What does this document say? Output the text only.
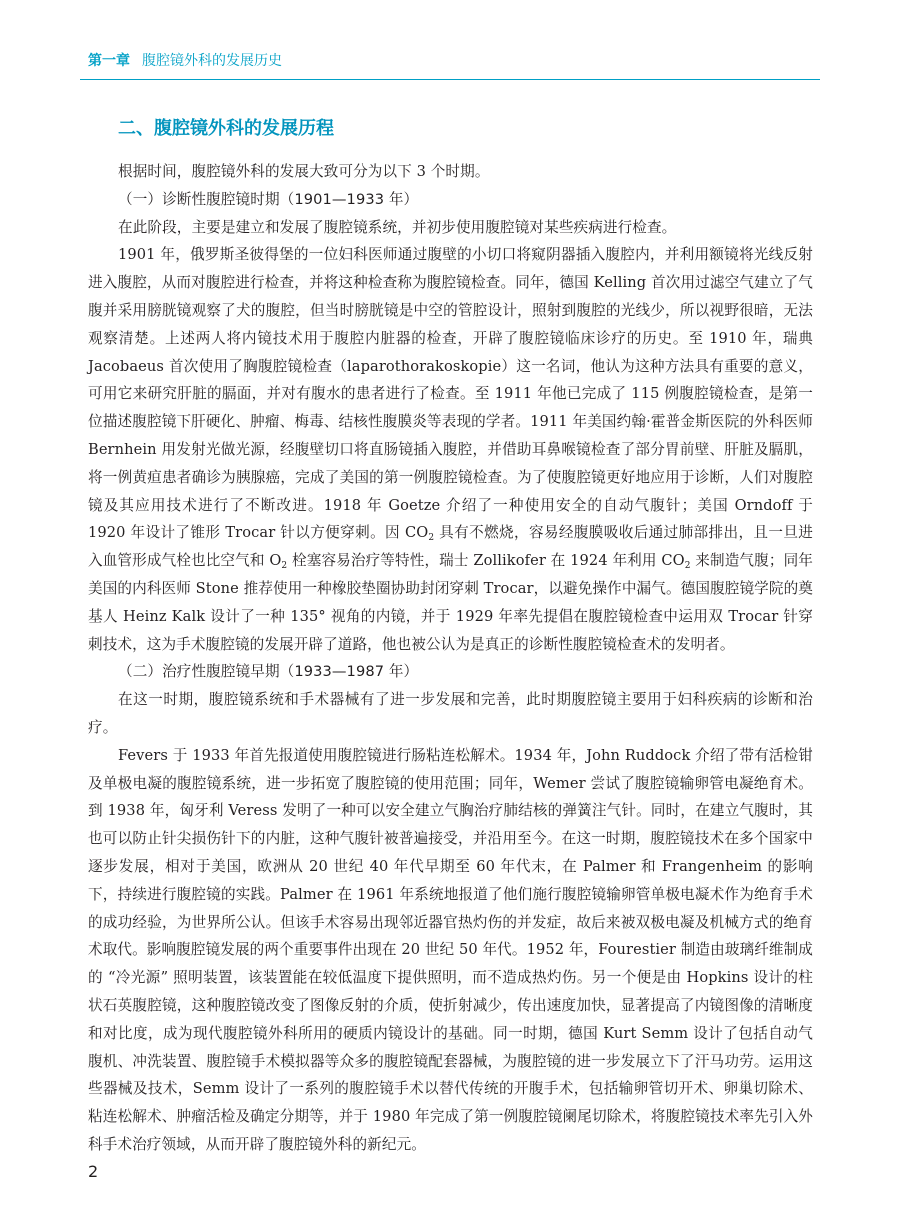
第一章 腹腔镜外科的发展历史
二、腹腔镜外科的发展历程

根据时间，腹腔镜外科的发展大致可分为以下 3 个时期。

（一）诊断性腹腔镜时期（1901—1933 年）

在此阶段，主要是建立和发展了腹腔镜系统，并初步使用腹腔镜对某些疾病进行检查。

1901 年，俄罗斯圣彼得堡的一位妇科医师通过腹壁的小切口将窥阴器插入腹腔内，并利用额镜将光线反射进入腹腔，从而对腹腔进行检查，并将这种检查称为腹腔镜检查。同年，德国 Kelling 首次用过滤空气建立了气腹并采用膀胱镜观察了犬的腹腔，但当时膀胱镜是中空的管腔设计，照射到腹腔的光线少，所以视野很暗，无法观察清楚。上述两人将内镜技术用于腹腔内脏器的检查，开辟了腹腔镜临床诊疗的历史。至 1910 年，瑞典 Jacobaeus 首次使用了胸腹腔镜检查（laparothorakoskopie）这一名词，他认为这种方法具有重要的意义，可用它来研究肝脏的膈面，并对有腹水的患者进行了检查。至 1911 年他已完成了 115 例腹腔镜检查，是第一位描述腹腔镜下肝硬化、肿瘤、梅毒、结核性腹膜炎等表现的学者。1911 年美国约翰·霍普金斯医院的外科医师 Bernhein 用发射光做光源，经腹壁切口将直肠镜插入腹腔，并借助耳鼻喉镜检查了部分胃前壁、肝脏及膈肌，将一例黄疸患者确诊为胰腺癌，完成了美国的第一例腹腔镜检查。为了使腹腔镜更好地应用于诊断，人们对腹腔镜及其应用技术进行了不断改进。1918 年 Goetze 介绍了一种使用安全的自动气腹针；美国 Orndoff 于 1920 年设计了锥形 Trocar 针以方便穿刺。因 $CO_2$ 具有不燃烧，容易经腹膜吸收后通过肺部排出，且一旦进入血管形成气栓也比空气和 $O_2$ 栓塞容易治疗等特性，瑞士 Zollikofer 在 1924 年利用 $CO_2$ 来制造气腹；同年美国的内科医师 Stone 推荐使用一种橡胶垫圈协助封闭穿刺 Trocar，以避免操作中漏气。德国腹腔镜学院的奠基人 Heinz Kalk 设计了一种 135° 视角的内镜，并于 1929 年率先提倡在腹腔镜检查中运用双 Trocar 针穿刺技术，这为手术腹腔镜的发展开辟了道路，他也被公认为是真正的诊断性腹腔镜检查术的发明者。

（二）治疗性腹腔镜早期（1933—1987 年）

在这一时期，腹腔镜系统和手术器械有了进一步发展和完善，此时期腹腔镜主要用于妇科疾病的诊断和治疗。

Fevers 于 1933 年首先报道使用腹腔镜进行肠粘连松解术。1934 年，John Ruddock 介绍了带有活检钳及单极电凝的腹腔镜系统，进一步拓宽了腹腔镜的使用范围；同年，Wemer 尝试了腹腔镜输卵管电凝绝育术。到 1938 年，匈牙利 Veress 发明了一种可以安全建立气胸治疗肺结核的弹簧注气针。同时，在建立气腹时，其也可以防止针尖损伤针下的内脏，这种气腹针被普遍接受，并沿用至今。在这一时期，腹腔镜技术在多个国家中逐步发展，相对于美国，欧洲从 20 世纪 40 年代早期至 60 年代末，在 Palmer 和 Frangenheim 的影响下，持续进行腹腔镜的实践。Palmer 在 1961 年系统地报道了他们施行腹腔镜输卵管单极电凝术作为绝育手术的成功经验，为世界所公认。但该手术容易出现邻近器官热灼伤的并发症，故后来被双极电凝及机械方式的绝育术取代。影响腹腔镜发展的两个重要事件出现在 20 世纪 50 年代。1952 年，Fourestier 制造由玻璃纤维制成的 “冷光源” 照明装置，该装置能在较低温度下提供照明，而不造成热灼伤。另一个便是由 Hopkins 设计的柱状石英腹腔镜，这种腹腔镜改变了图像反射的介质，使折射减少，传出速度加快，显著提高了内镜图像的清晰度和对比度，成为现代腹腔镜外科所用的硬质内镜设计的基础。同一时期，德国 Kurt Semm 设计了包括自动气腹机、冲洗装置、腹腔镜手术模拟器等众多的腹腔镜配套器械，为腹腔镜的进一步发展立下了汗马功劳。运用这些器械及技术，Semm 设计了一系列的腹腔镜手术以替代传统的开腹手术，包括输卵管切开术、卵巢切除术、粘连松解术、肿瘤活检及确定分期等，并于 1980 年完成了第一例腹腔镜阑尾切除术，将腹腔镜技术率先引入外科手术治疗领域，从而开辟了腹腔镜外科的新纪元。

2
